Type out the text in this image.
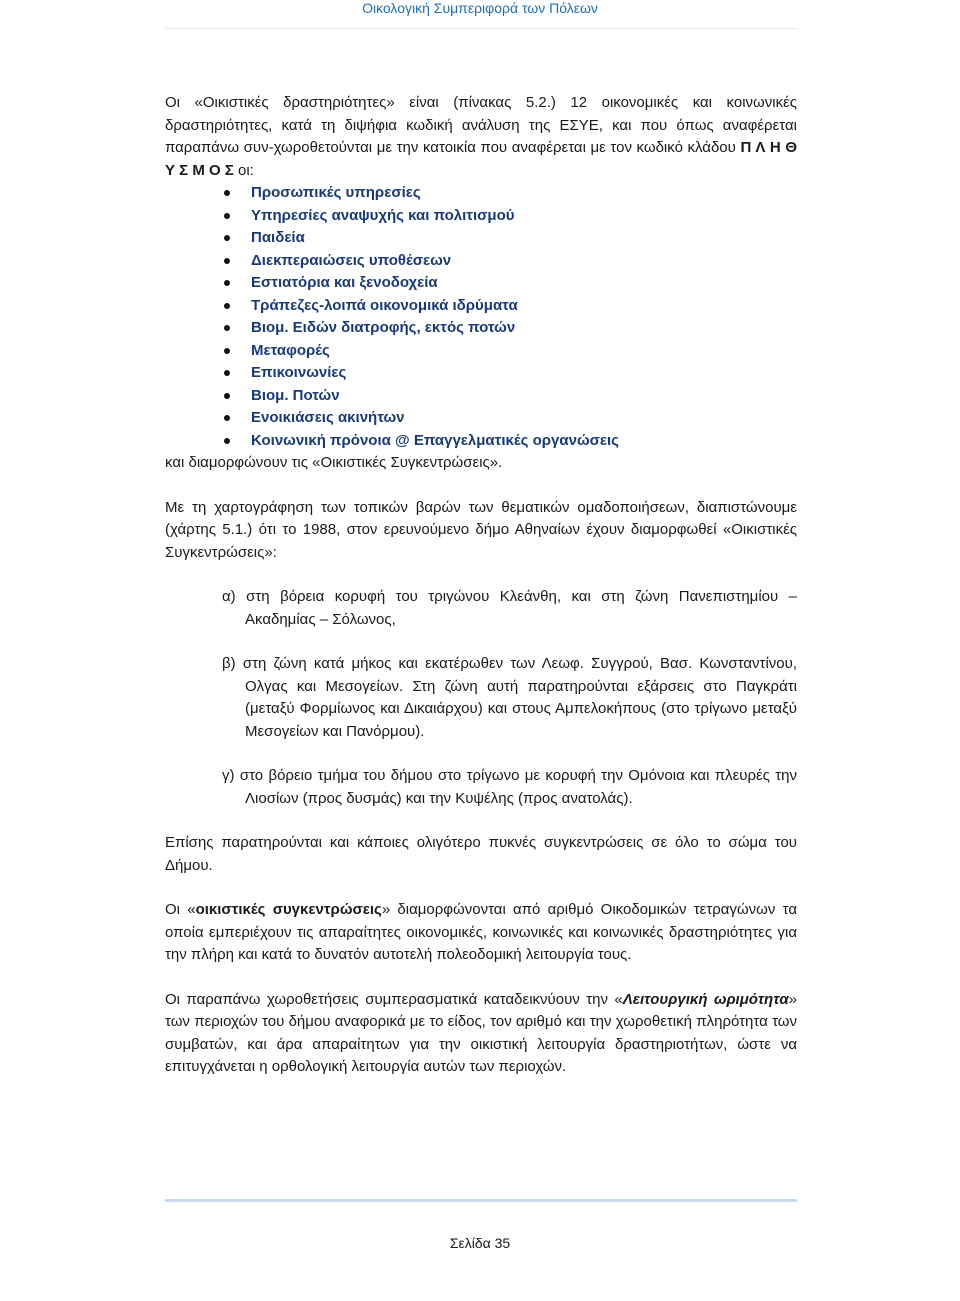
Οικολογική Συμπεριφορά των Πόλεων

Οι «Οικιστικές δραστηριότητες» είναι (πίνακας 5.2.) 12 οικονομικές και κοινωνικές δραστηριότητες, κατά τη διψήφια κωδική ανάλυση της ΕΣΥΕ, και που όπως αναφέρεται παραπάνω συν-χωροθετούνται με την κατοικία που αναφέρεται με τον κωδικό κλάδου Π Λ Η Θ Υ Σ Μ Ο Σ οι:

Προσωπικές υπηρεσίες
Υπηρεσίες αναψυχής και πολιτισμού
Παιδεία
Διεκπεραιώσεις υποθέσεων
Εστιατόρια και ξενοδοχεία
Τράπεζες-λοιπά οικονομικά ιδρύματα
Βιομ. Ειδών διατροφής, εκτός ποτών
Μεταφορές
Επικοινωνίες
Βιομ. Ποτών
Ενοικιάσεις ακινήτων
Κοινωνική πρόνοια @ Επαγγελματικές οργανώσεις

και διαμορφώνουν τις «Οικιστικές Συγκεντρώσεις».

Με τη χαρτογράφηση των τοπικών βαρών των θεματικών ομαδοποιήσεων, διαπιστώνουμε (χάρτης 5.1.) ότι το 1988, στον ερευνούμενο δήμο Αθηναίων έχουν διαμορφωθεί «Οικιστικές Συγκεντρώσεις»:

α) στη βόρεια κορυφή του τριγώνου Κλεάνθη, και στη ζώνη Πανεπιστημίου – Ακαδημίας – Σόλωνος,

β) στη ζώνη κατά μήκος και εκατέρωθεν των Λεωφ. Συγγρού, Βασ. Κωνσταντίνου, Ολγας και Μεσογείων. Στη ζώνη αυτή παρατηρούνται εξάρσεις στο Παγκράτι (μεταξύ Φορμίωνος και Δικαιάρχου) και στους Αμπελοκήπους (στο τρίγωνο μεταξύ Μεσογείων και Πανόρμου).

γ) στο βόρειο τμήμα του δήμου στο τρίγωνο με κορυφή την Ομόνοια και πλευρές την Λιοσίων (προς δυσμάς) και την Κυψέλης (προς ανατολάς).

Επίσης παρατηρούνται και κάποιες ολιγότερο πυκνές συγκεντρώσεις σε όλο το σώμα του Δήμου.

Οι «οικιστικές συγκεντρώσεις» διαμορφώνονται από αριθμό Οικοδομικών τετραγώνων τα οποία εμπεριέχουν τις απαραίτητες οικονομικές, κοινωνικές και κοινωνικές δραστηριότητες για την πλήρη και κατά το δυνατόν αυτοτελή πολεοδομική λειτουργία τους.

Οι παραπάνω χωροθετήσεις συμπερασματικά καταδεικνύουν την «Λειτουργική ωριμότητα» των περιοχών του δήμου αναφορικά με το είδος, τον αριθμό και την χωροθετική πληρότητα των συμβατών, και άρα απαραίτητων για την οικιστική λειτουργία δραστηριοτήτων, ώστε να επιτυγχάνεται η ορθολογική λειτουργία αυτών των περιοχών.

Σελίδα 35
